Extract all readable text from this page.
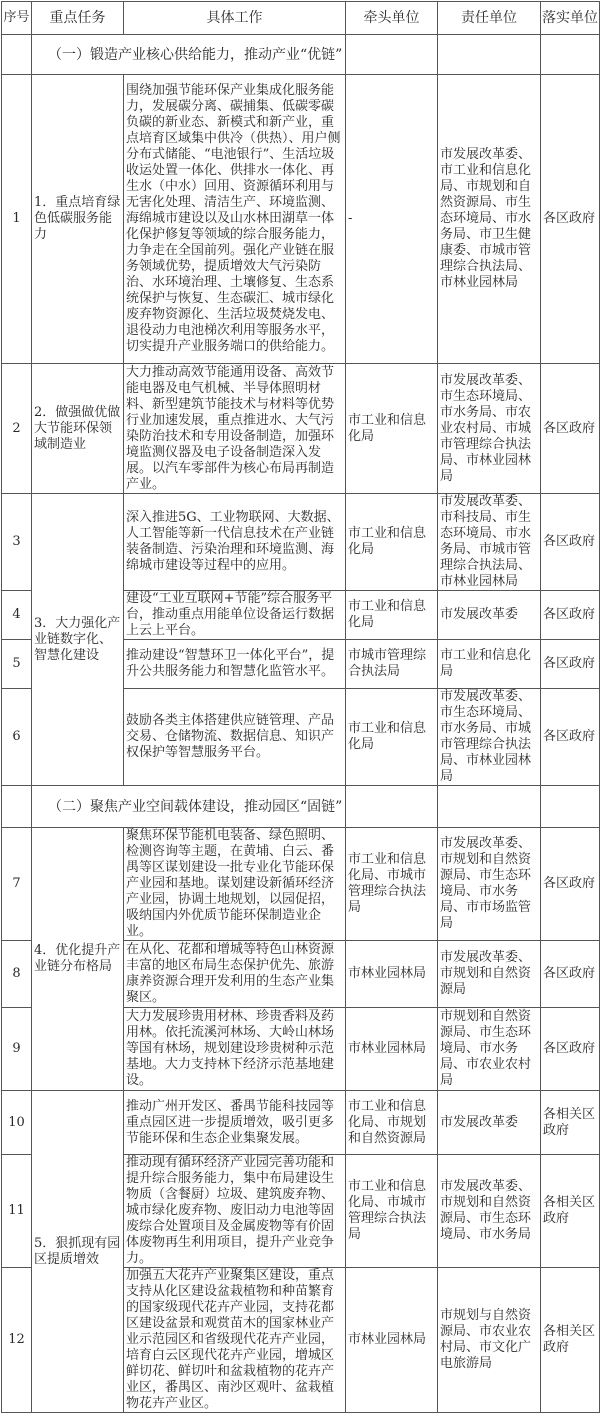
序号	重点任务	具体工作	牵头单位	责任单位	落实单位
	（一）锻造产业核心供给能力，推动产业“优链”				
1	1．重点培育绿色低碳服务能力	围绕加强节能环保产业集成化服务能力，发展碳分离、碳捕集、低碳零碳负碳的新业态、新模式和新产业，重点培育区域集中供冷（供热）、用户侧分布式储能、“电池银行”、生活垃圾收运处置一体化、供排水一体化、再生水（中水）回用、资源循环利用与无害化处理、清洁生产、环境监测、海绵城市建设以及山水林田湖草一体化保护修复等领域的综合服务能力，力争走在全国前列。强化产业链在服务领域优势，提质增效大气污染防治、水环境治理、土壤修复、生态系统保护与恢复、生态碳汇、城市绿化废弃物资源化、生活垃圾焚烧发电、退役动力电池梯次利用等服务水平，切实提升产业服务端口的供给能力。	-	市发展改革委、市工业和信息化局、市规划和自然资源局、市生态环境局、市水务局、市卫生健康委、市城市管理综合执法局、市林业园林局	各区政府
2	2．做强做优做大节能环保领域制造业	大力推动高效节能通用设备、高效节能电器及电气机械、半导体照明材料、新型建筑节能技术与材料等优势行业加速发展，重点推进水、大气污染防治技术和专用设备制造，加强环境监测仪器及电子设备制造深入发展。以汽车零部件为核心布局再制造产业。	市工业和信息化局	市发展改革委、市生态环境局、市水务局、市农业农村局、市城市管理综合执法局、市林业园林局	各区政府
3	3．大力强化产业链数字化、智慧化建设	深入推进5G、工业物联网、大数据、人工智能等新一代信息技术在产业链装备制造、污染治理和环境监测、海绵城市建设等过程中的应用。	市工业和信息化局	市发展改革委、市科技局、市生态环境局、市水务局、市城市管理综合执法局、市林业园林局	各区政府
4		建设“工业互联网+节能”综合服务平台，推动重点用能单位设备运行数据上云上平台。	市工业和信息化局	市发展改革委	各区政府
5		推动建设“智慧环卫一体化平台”，提升公共服务能力和智慧化监管水平。	市城市管理综合执法局	市工业和信息化局	各区政府
6		鼓励各类主体搭建供应链管理、产品交易、仓储物流、数据信息、知识产权保护等智慧服务平台。	市工业和信息化局	市发展改革委、市生态环境局、市水务局、市城市管理综合执法局、市林业园林局	各区政府
	（二）聚焦产业空间载体建设，推动园区“固链”				
7	4．优化提升产业链分布格局	聚焦环保节能机电装备、绿色照明、检测咨询等主题，在黄埔、白云、番禺等区谋划建设一批专业化节能环保产业园和基地。谋划建设新循环经济产业园，协调土地规划，以园促招，吸纳国内外优质节能环保制造业企业。	市工业和信息化局、市城市管理综合执法局	市发展改革委、市规划和自然资源局、市生态环境局、市水务局、市市场监管局	各区政府
8		在从化、花都和增城等特色山林资源丰富的地区布局生态保护优先、旅游康养资源合理开发利用的生态产业集聚区。	市林业园林局	市发展改革委、市规划和自然资源局	各区政府
9		大力发展珍贵用材林、珍贵香料及药用林。依托流溪河林场、大岭山林场等国有林场，规划建设珍贵树种示范基地。大力支持林下经济示范基地建设。	市林业园林局	市规划和自然资源局、市生态环境局、市水务局、市农业农村局	各区政府
10	5．狠抓现有园区提质增效	推动广州开发区、番禺节能科技园等重点园区进一步提质增效，吸引更多节能环保和生态企业集聚发展。	市工业和信息化局、市规划和自然资源局	市发展改革委	各相关区政府
11		推动现有循环经济产业园完善功能和提升综合服务能力，集中布局建设生物质（含餐厨）垃圾、建筑废弃物、城市绿化废弃物、废旧动力电池等固废综合处置项目及金属废物等有价固体废物再生利用项目，提升产业竞争力。	市工业和信息化局、市城市管理综合执法局	市发展改革委、市规划和自然资源局、市生态环境局、市水务局	各相关区政府
12		加强五大花卉产业聚集区建设，重点支持从化区建设盆栽植物和种苗繁育的国家级现代花卉产业园，支持花都区建设盆景和观赏苗木的国家林业产业示范园区和省级现代花卉产业园，培育白云区现代花卉产业园，增城区鲜切花、鲜切叶和盆栽植物的花卉产业区，番禺区、南沙区观叶、盆栽植物花卉产业区。	市林业园林局	市规划与自然资源局、市农业农村局、市文化广电旅游局	各相关区政府
